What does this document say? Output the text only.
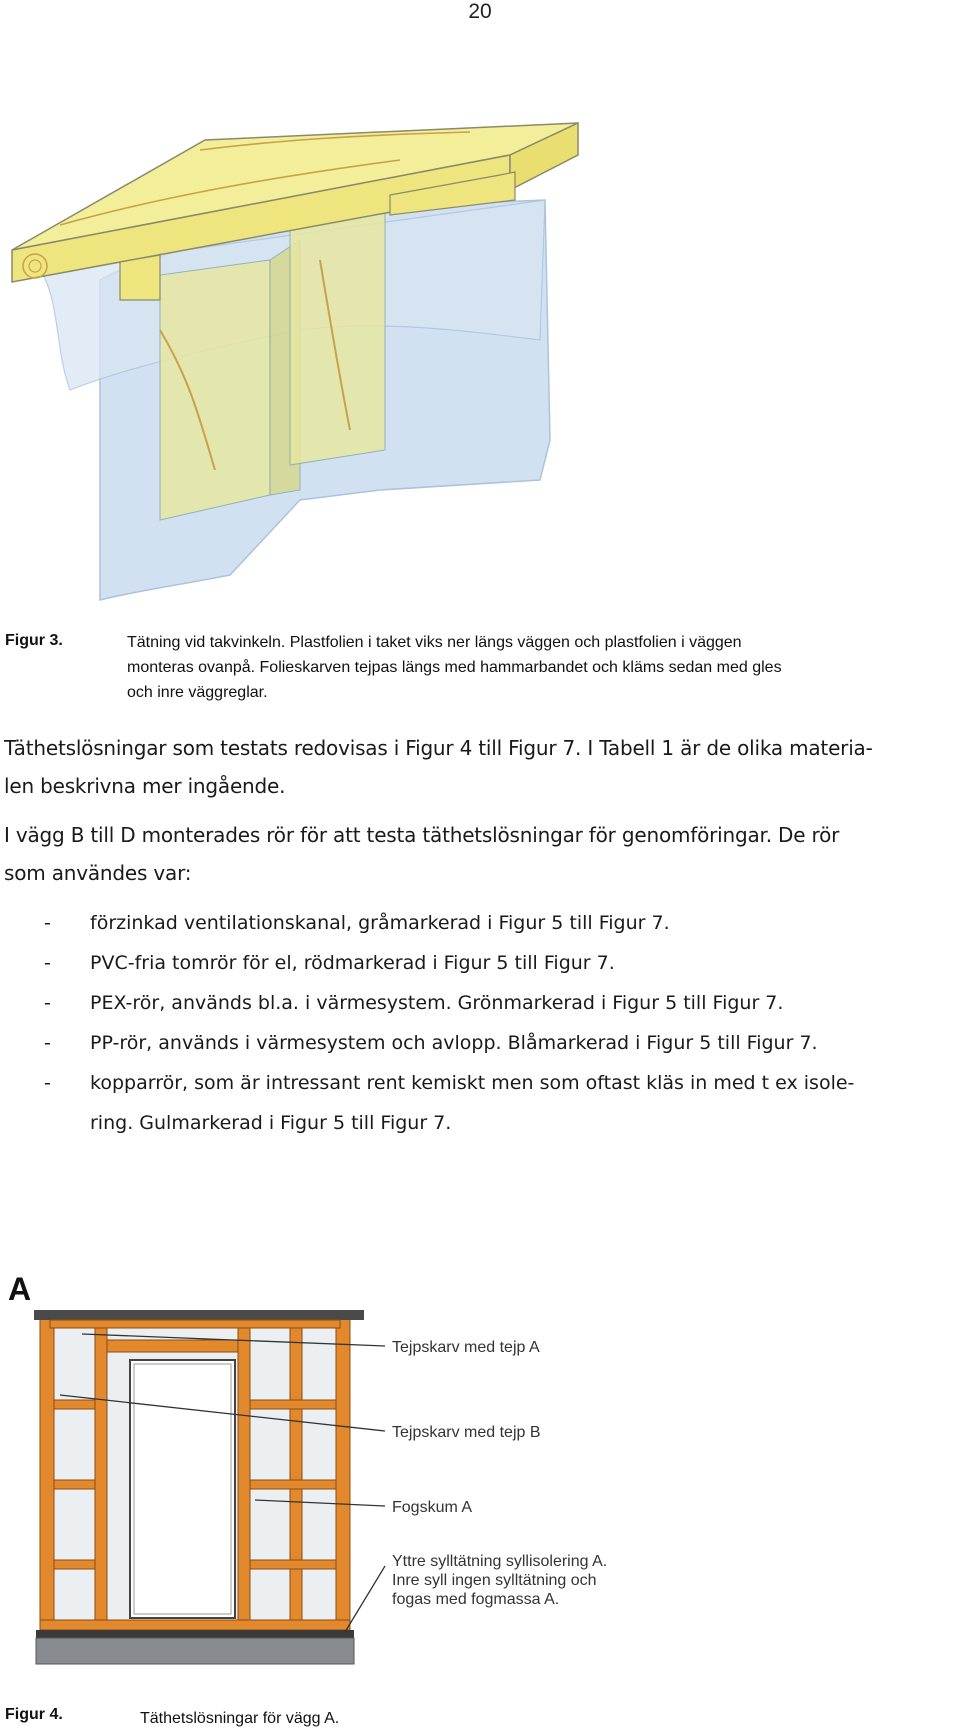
20
Figur 3.	Tätning vid takvinkeln. Plastfolien i taket viks ner längs väggen och plastfolien i väggen
monteras ovanpå. Folieskarven tejpas längs med hammarbandet och kläms sedan med gles
och inre väggreglar.
Täthetslösningar som testats redovisas i Figur 4 till Figur 7. I Tabell 1 är de olika materia-
len beskrivna mer ingående.
I vägg B till D monterades rör för att testa täthetslösningar för genomföringar. De rör
som användes var:
- förzinkad ventilationskanal, gråmarkerad i Figur 5 till Figur 7.
- PVC-fria tomrör för el, rödmarkerad i Figur 5 till Figur 7.
- PEX-rör, används bl.a. i värmesystem. Grönmarkerad i Figur 5 till Figur 7.
- PP-rör, används i värmesystem och avlopp. Blåmarkerad i Figur 5 till Figur 7.
- kopparrör, som är intressant rent kemiskt men som oftast kläs in med t ex isole-
ring. Gulmarkerad i Figur 5 till Figur 7.
A
Tejpskarv med tejp A
Tejpskarv med tejp B
Fogskum A
Yttre sylltätning syllisolering A.
Inre syll ingen sylltätning och
fogas med fogmassa A.
Figur 4.	Täthetslösningar för vägg A.
